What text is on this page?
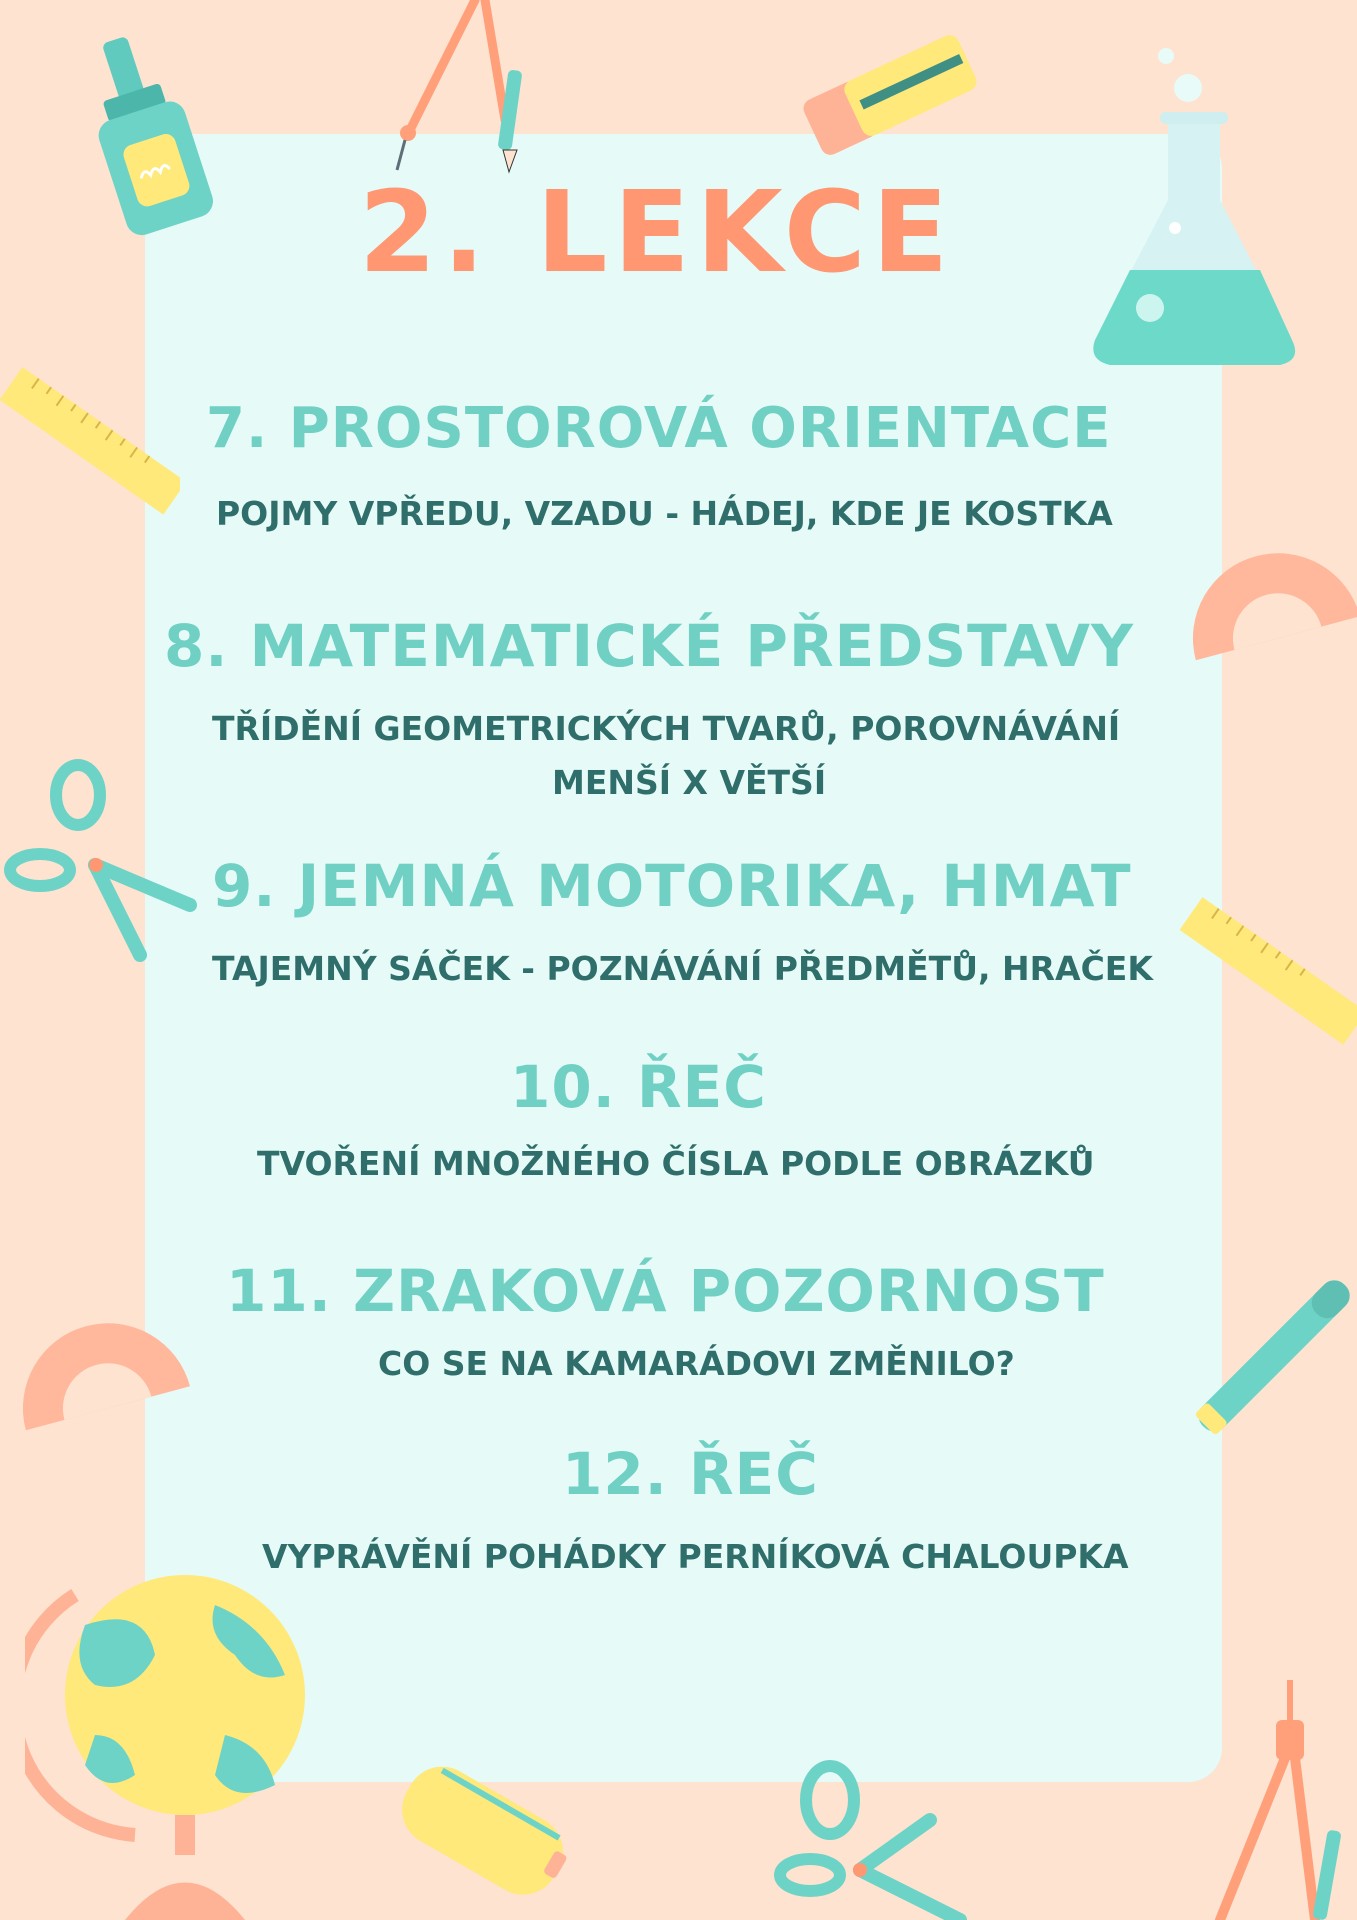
2. LEKCE
7. PROSTOROVÁ ORIENTACE
POJMY VPŘEDU, VZADU - HÁDEJ, KDE JE KOSTKA
8. MATEMATICKÉ PŘEDSTAVY
TŘÍDĚNÍ GEOMETRICKÝCH TVARŮ, POROVNÁVÁNÍ
MENŠÍ X VĚTŠÍ
9. JEMNÁ MOTORIKA, HMAT
TAJEMNÝ SÁČEK - POZNÁVÁNÍ PŘEDMĚTŮ, HRAČEK
10. ŘEČ
TVOŘENÍ MNOŽNÉHO ČÍSLA PODLE OBRÁZKŮ
11. ZRAKOVÁ POZORNOST
CO SE NA KAMARÁDOVI ZMĚNILO?
12. ŘEČ
VYPRÁVĚNÍ POHÁDKY PERNÍKOVÁ CHALOUPKA
